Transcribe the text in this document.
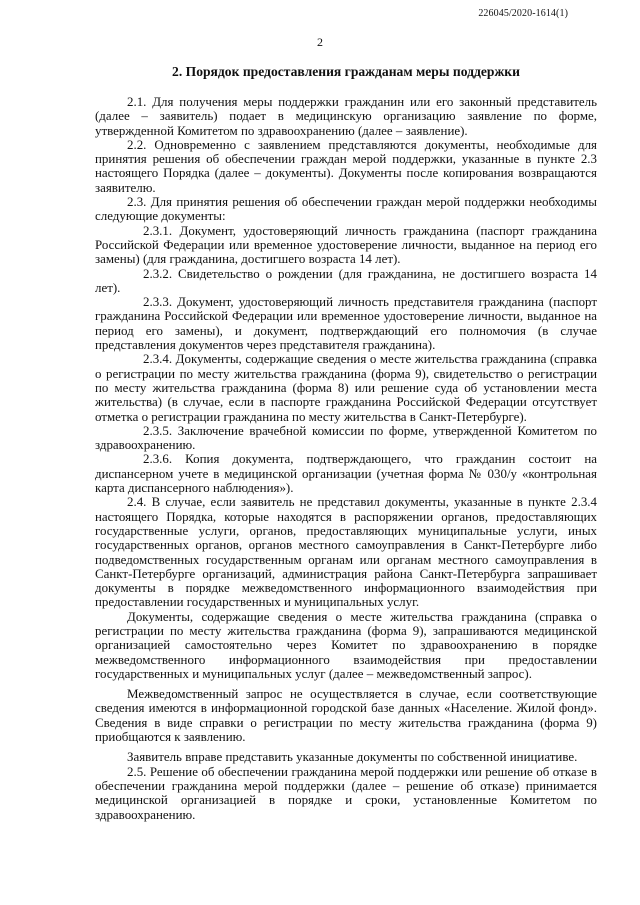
226045/2020-1614(1)
2
2. Порядок предоставления гражданам меры поддержки

2.1. Для получения меры поддержки гражданин или его законный представитель (далее – заявитель) подает в медицинскую организацию заявление по форме, утвержденной Комитетом по здравоохранению (далее – заявление).

2.2. Одновременно с заявлением представляются документы, необходимые для принятия решения об обеспечении граждан мерой поддержки, указанные в пункте 2.3 настоящего Порядка (далее – документы). Документы после копирования возвращаются заявителю.

2.3. Для принятия решения об обеспечении граждан мерой поддержки необходимы следующие документы:

2.3.1. Документ, удостоверяющий личность гражданина (паспорт гражданина Российской Федерации или временное удостоверение личности, выданное на период его замены) (для гражданина, достигшего возраста 14 лет).

2.3.2. Свидетельство о рождении (для гражданина, не достигшего возраста 14 лет).

2.3.3. Документ, удостоверяющий личность представителя гражданина (паспорт гражданина Российской Федерации или временное удостоверение личности, выданное на период его замены), и документ, подтверждающий его полномочия (в случае представления документов через представителя гражданина).

2.3.4. Документы, содержащие сведения о месте жительства гражданина (справка о регистрации по месту жительства гражданина (форма 9), свидетельство о регистрации по месту жительства гражданина (форма 8) или решение суда об установлении места жительства) (в случае, если в паспорте гражданина Российской Федерации отсутствует отметка о регистрации гражданина по месту жительства в Санкт-Петербурге).

2.3.5. Заключение врачебной комиссии по форме, утвержденной Комитетом по здравоохранению.

2.3.6. Копия документа, подтверждающего, что гражданин состоит на диспансерном учете в медицинской организации (учетная форма № 030/у «контрольная карта диспансерного наблюдения»).

2.4. В случае, если заявитель не представил документы, указанные в пункте 2.3.4 настоящего Порядка, которые находятся в распоряжении органов, предоставляющих государственные услуги, органов, предоставляющих муниципальные услуги, иных государственных органов, органов местного самоуправления в Санкт-Петербурге либо подведомственных государственным органам или органам местного самоуправления в Санкт-Петербурге организаций, администрация района Санкт-Петербурга запрашивает документы в порядке межведомственного информационного взаимодействия при предоставлении государственных и муниципальных услуг.

Документы, содержащие сведения о месте жительства гражданина (справка о регистрации по месту жительства гражданина (форма 9), запрашиваются медицинской организацией самостоятельно через Комитет по здравоохранению в порядке межведомственного информационного взаимодействия при предоставлении государственных и муниципальных услуг (далее – межведомственный запрос).

Межведомственный запрос не осуществляется в случае, если соответствующие сведения имеются в информационной городской базе данных «Население. Жилой фонд». Сведения в виде справки о регистрации по месту жительства гражданина (форма 9) приобщаются к заявлению.

Заявитель вправе представить указанные документы по собственной инициативе.

2.5. Решение об обеспечении гражданина мерой поддержки или решение об отказе в обеспечении гражданина мерой поддержки (далее – решение об отказе) принимается медицинской организацией в порядке и сроки, установленные Комитетом по здравоохранению.
